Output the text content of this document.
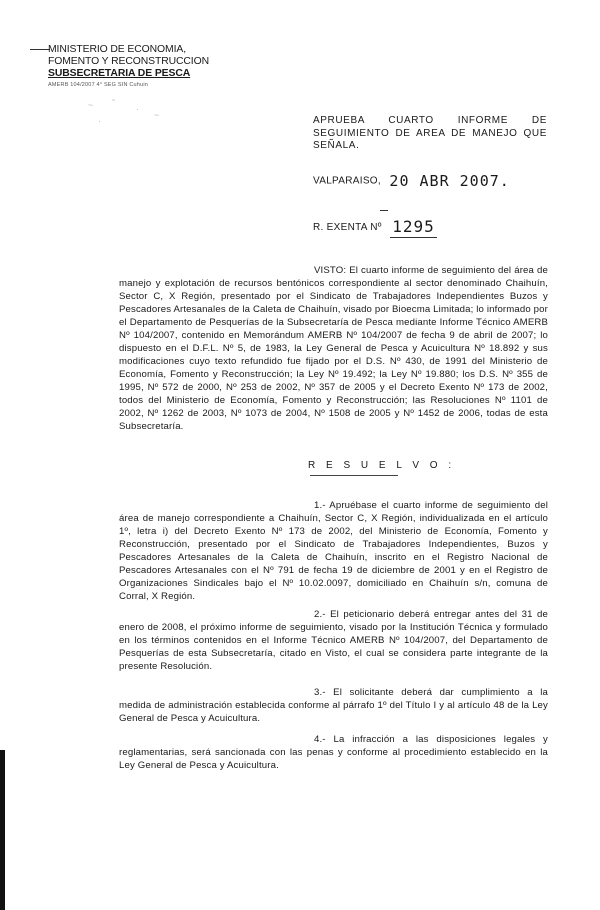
MINISTERIO DE ECONOMIA,
FOMENTO Y RECONSTRUCCION
SUBSECRETARIA DE PESCA
AMERB 104/2007 4° SEG SIN Cuhuin
~ ˜
·
~
·	APRUEBA CUARTO INFORME DE SEGUIMIENTO DE AREA DE MANEJO QUE SEÑALA.
VALPARAISO, 20 ABR 2007.
R. EXENTA Nº 1295
VISTO: El cuarto informe de seguimiento del área de manejo y explotación de recursos bentónicos correspondiente al sector denominado Chaihuín, Sector C, X Región, presentado por el Sindicato de Trabajadores Independientes Buzos y Pescadores Artesanales de la Caleta de Chaihuín, visado por Bioecma Limitada; lo informado por el Departamento de Pesquerías de la Subsecretaría de Pesca mediante Informe Técnico AMERB Nº 104/2007, contenido en Memorándum AMERB Nº 104/2007 de fecha 9 de abril de 2007; lo dispuesto en el D.F.L. Nº 5, de 1983, la Ley General de Pesca y Acuicultura Nº 18.892 y sus modificaciones cuyo texto refundido fue fijado por el D.S. Nº 430, de 1991 del Ministerio de Economía, Fomento y Reconstrucción; la Ley Nº 19.492; la Ley Nº 19.880; los D.S. Nº 355 de 1995, Nº 572 de 2000, Nº 253 de 2002, Nº 357 de 2005 y el Decreto Exento Nº 173 de 2002, todos del Ministerio de Economía, Fomento y Reconstrucción; las Resoluciones Nº 1101 de 2002, Nº 1262 de 2003, Nº 1073 de 2004, Nº 1508 de 2005 y Nº 1452 de 2006, todas de esta Subsecretaría.
R E S U E L V O :
1.- Apruébase el cuarto informe de seguimiento del área de manejo correspondiente a Chaihuín, Sector C, X Región, individualizada en el artículo 1º, letra i) del Decreto Exento Nº 173 de 2002, del Ministerio de Economía, Fomento y Reconstrucción, presentado por el Sindicato de Trabajadores Independientes, Buzos y Pescadores Artesanales de la Caleta de Chaihuín, inscrito en el Registro Nacional de Pescadores Artesanales con el Nº 791 de fecha 19 de diciembre de 2001 y en el Registro de Organizaciones Sindicales bajo el Nº 10.02.0097, domiciliado en Chaihuín s/n, comuna de Corral, X Región.
2.- El peticionario deberá entregar antes del 31 de enero de 2008, el próximo informe de seguimiento, visado por la Institución Técnica y formulado en los términos contenidos en el Informe Técnico AMERB Nº 104/2007, del Departamento de Pesquerías de esta Subsecretaría, citado en Visto, el cual se considera parte integrante de la presente Resolución.
3.- El solicitante deberá dar cumplimiento a la medida de administración establecida conforme al párrafo 1º del Título I y al artículo 48 de la Ley General de Pesca y Acuicultura.
4.- La infracción a las disposiciones legales y reglamentarias, será sancionada con las penas y conforme al procedimiento establecido en la Ley General de Pesca y Acuicultura.
